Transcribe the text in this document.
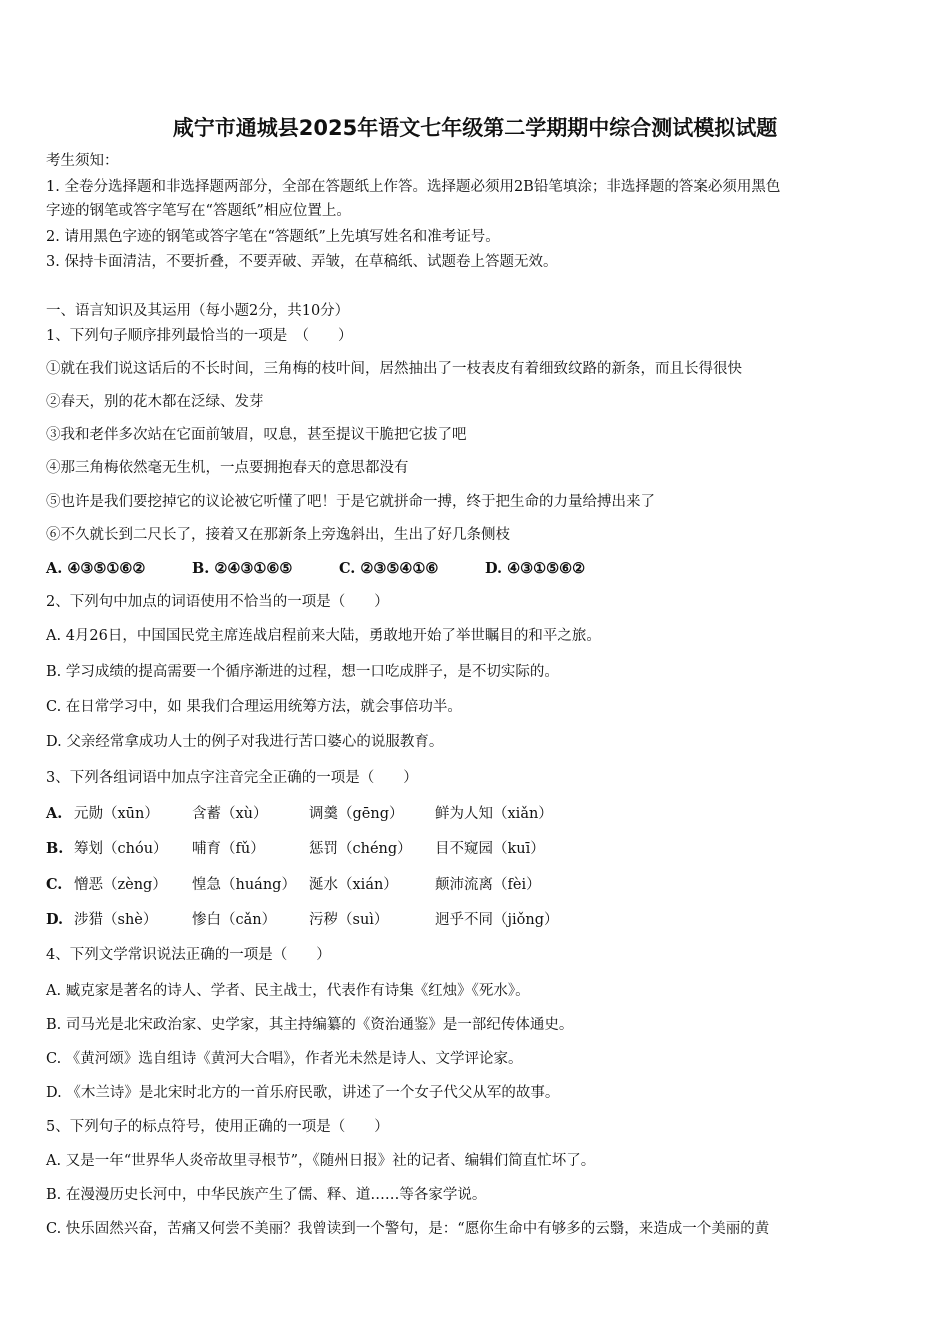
咸宁市通城县2025年语文七年级第二学期期中综合测试模拟试题
考生须知：
1. 全卷分选择题和非选择题两部分，全部在答题纸上作答。选择题必须用2B铅笔填涂；非选择题的答案必须用黑色
字迹的钢笔或答字笔写在“答题纸”相应位置上。
2. 请用黑色字迹的钢笔或答字笔在“答题纸”上先填写姓名和准考证号。
3. 保持卡面清洁，不要折叠，不要弄破、弄皱，在草稿纸、试题卷上答题无效。
一、语言知识及其运用（每小题2分，共10分）
1、下列句子顺序排列最恰当的一项是　（　　）
①就在我们说这话后的不长时间，三角梅的枝叶间，居然抽出了一枝表皮有着细致纹路的新条，而且长得很快
②春天，别的花木都在泛绿、发芽
③我和老伴多次站在它面前皱眉，叹息，甚至提议干脆把它拔了吧
④那三角梅依然毫无生机，一点要拥抱春天的意思都没有
⑤也许是我们要挖掉它的议论被它听懂了吧！于是它就拼命一搏，终于把生命的力量给搏出来了
⑥不久就长到二尺长了，接着又在那新条上旁逸斜出，生出了好几条侧枝
A. ④③⑤①⑥②	B. ②④③①⑥⑤	C. ②③⑤④①⑥	D. ④③①⑤⑥②
2、下列句中加点的词语使用不恰当的一项是（　　）
A. 4月26日，中国国民党主席连战启程前来大陆，勇敢地开始了举世瞩目的和平之旅。
B. 学习成绩的提高需要一个循序渐进的过程，想一口吃成胖子，是不切实际的。
C. 在日常学习中，如 果我们合理运用统筹方法，就会事倍功半。
D. 父亲经常拿成功人士的例子对我进行苦口婆心的说服教育。
3、下列各组词语中加点字注音完全正确的一项是（　　）
A. 元勋（xūn） 含蓄（xù）	调羹（gēng） 鲜为人知（xiǎn）
B. 筹划（chóu） 哺育（fǔ）	惩罚（chéng） 目不窥园（kuī）
C. 憎恶（zèng） 惶急（huáng） 涎水（xián）	颠沛流离（fèi）
D. 涉猎（shè） 惨白（cǎn） 污秽（suì）	迥乎不同（jiǒng）
4、下列文学常识说法正确的一项是（　　）
A. 臧克家是著名的诗人、学者、民主战士，代表作有诗集《红烛》《死水》。
B. 司马光是北宋政治家、史学家，其主持编纂的《资治通鉴》是一部纪传体通史。
C. 《黄河颂》选自组诗《黄河大合唱》，作者光未然是诗人、文学评论家。
D. 《木兰诗》是北宋时北方的一首乐府民歌，讲述了一个女子代父从军的故事。
5、下列句子的标点符号，使用正确的一项是（　　）
A. 又是一年“世界华人炎帝故里寻根节”，《随州日报》社的记者、编辑们简直忙坏了。
B. 在漫漫历史长河中，中华民族产生了儒、释、道……等各家学说。
C. 快乐固然兴奋，苦痛又何尝不美丽？我曾读到一个警句，是：“愿你生命中有够多的云翳，来造成一个美丽的黄
